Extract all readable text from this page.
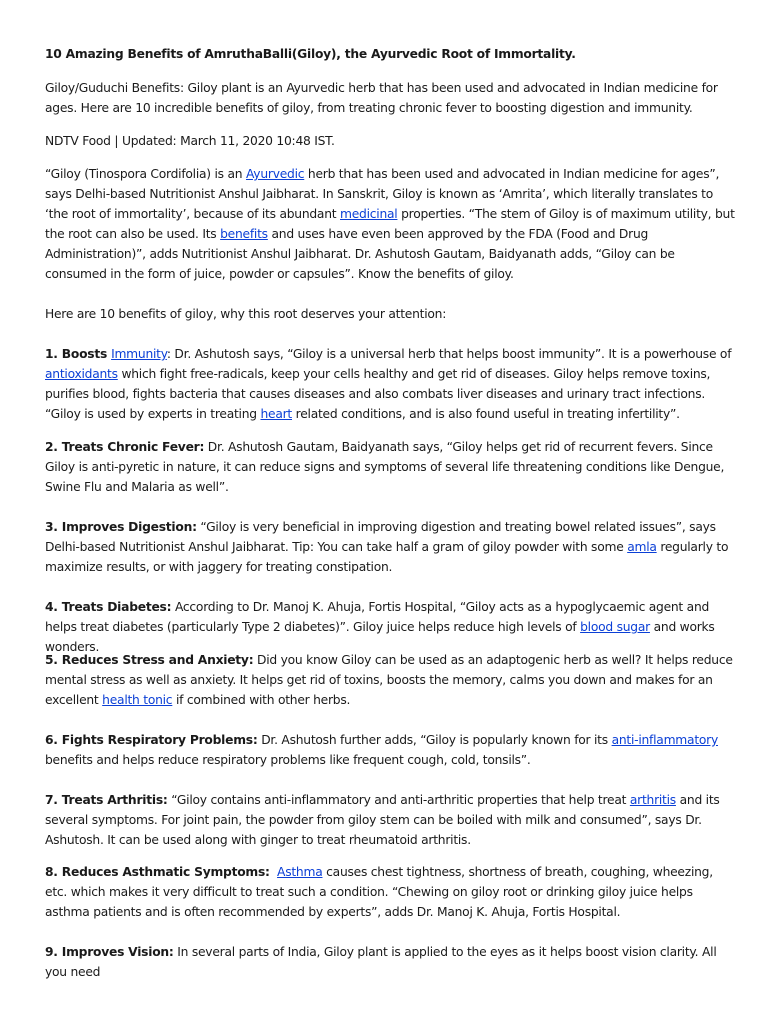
10 Amazing Benefits of AmruthaBalli(Giloy), the Ayurvedic Root of Immortality.

Giloy/Guduchi Benefits: Giloy plant is an Ayurvedic herb that has been used and advocated in Indian medicine for ages. Here are 10 incredible benefits of giloy, from treating chronic fever to boosting digestion and immunity.

NDTV Food | Updated: March 11, 2020 10:48 IST.

“Giloy (Tinospora Cordifolia) is an Ayurvedic herb that has been used and advocated in Indian medicine for ages”, says Delhi-based Nutritionist Anshul Jaibharat. In Sanskrit, Giloy is known as ‘Amrita’, which literally translates to ‘the root of immortality’, because of its abundant medicinal properties. “The stem of Giloy is of maximum utility, but the root can also be used. Its benefits and uses have even been approved by the FDA (Food and Drug Administration)”, adds Nutritionist Anshul Jaibharat. Dr. Ashutosh Gautam, Baidyanath adds, “Giloy can be consumed in the form of juice, powder or capsules”. Know the benefits of giloy.

Here are 10 benefits of giloy, why this root deserves your attention:

1. Boosts Immunity: Dr. Ashutosh says, “Giloy is a universal herb that helps boost immunity”. It is a powerhouse of antioxidants which fight free-radicals, keep your cells healthy and get rid of diseases. Giloy helps remove toxins, purifies blood, fights bacteria that causes diseases and also combats liver diseases and urinary tract infections. “Giloy is used by experts in treating heart related conditions, and is also found useful in treating infertility”.

2. Treats Chronic Fever: Dr. Ashutosh Gautam, Baidyanath says, “Giloy helps get rid of recurrent fevers. Since Giloy is anti-pyretic in nature, it can reduce signs and symptoms of several life threatening conditions like Dengue, Swine Flu and Malaria as well”.

3. Improves Digestion: “Giloy is very beneficial in improving digestion and treating bowel related issues”, says Delhi-based Nutritionist Anshul Jaibharat. Tip: You can take half a gram of giloy powder with some amla regularly to maximize results, or with jaggery for treating constipation.

4. Treats Diabetes: According to Dr. Manoj K. Ahuja, Fortis Hospital, “Giloy acts as a hypoglycaemic agent and helps treat diabetes (particularly Type 2 diabetes)”. Giloy juice helps reduce high levels of blood sugar and works wonders.

5. Reduces Stress and Anxiety: Did you know Giloy can be used as an adaptogenic herb as well? It helps reduce mental stress as well as anxiety. It helps get rid of toxins, boosts the memory, calms you down and makes for an excellent health tonic if combined with other herbs.

6. Fights Respiratory Problems: Dr. Ashutosh further adds, “Giloy is popularly known for its anti-inflammatory benefits and helps reduce respiratory problems like frequent cough, cold, tonsils”.

7. Treats Arthritis: “Giloy contains anti-inflammatory and anti-arthritic properties that help treat arthritis and its several symptoms. For joint pain, the powder from giloy stem can be boiled with milk and consumed”, says Dr. Ashutosh. It can be used along with ginger to treat rheumatoid arthritis.

8. Reduces Asthmatic Symptoms: Asthma causes chest tightness, shortness of breath, coughing, wheezing, etc. which makes it very difficult to treat such a condition. “Chewing on giloy root or drinking giloy juice helps asthma patients and is often recommended by experts”, adds Dr. Manoj K. Ahuja, Fortis Hospital.

9. Improves Vision: In several parts of India, Giloy plant is applied to the eyes as it helps boost vision clarity. All you need
